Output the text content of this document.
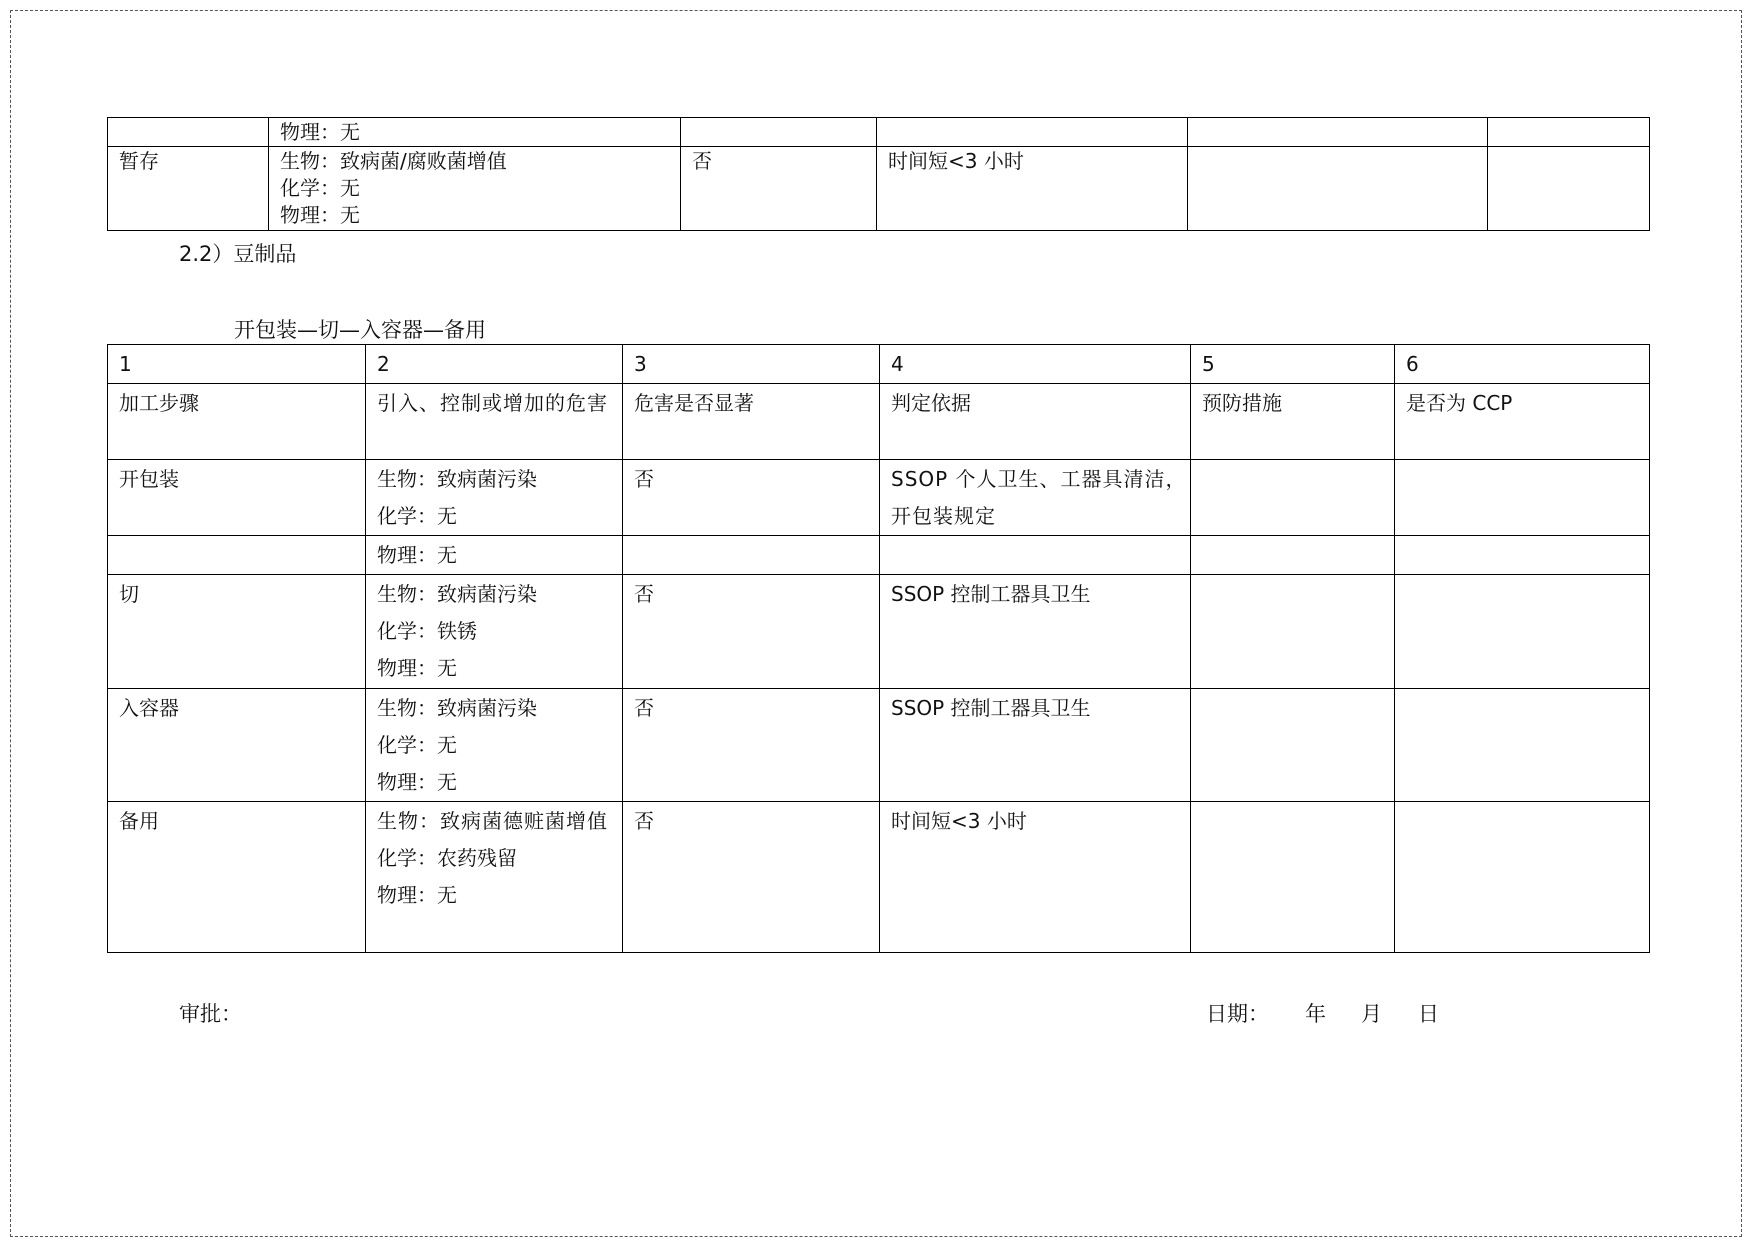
	物理：无				

暂存	生物：致病菌/腐败菌增值
化学：无
物理：无	否	时间短<3 小时		
2.2）豆制品
开包装—切—入容器—备用
1	2	3	4	5	6
加工步骤	引入、控制或增加的危害	危害是否显著	判定依据	预防措施	是否为 CCP
开包装	生物：致病菌污染
化学：无	否	SSOP 个人卫生、工器具清洁，开包装规定		

	物理：无				

切	生物：致病菌污染
化学：铁锈
物理：无	否	SSOP 控制工器具卫生		
入容器	生物：致病菌污染
化学：无
物理：无	否	SSOP 控制工器具卫生		
备用	生物：致病菌德赃菌增值
化学：农药残留
物理：无	否	时间短<3 小时		
审批：	日期： 年 月 日
